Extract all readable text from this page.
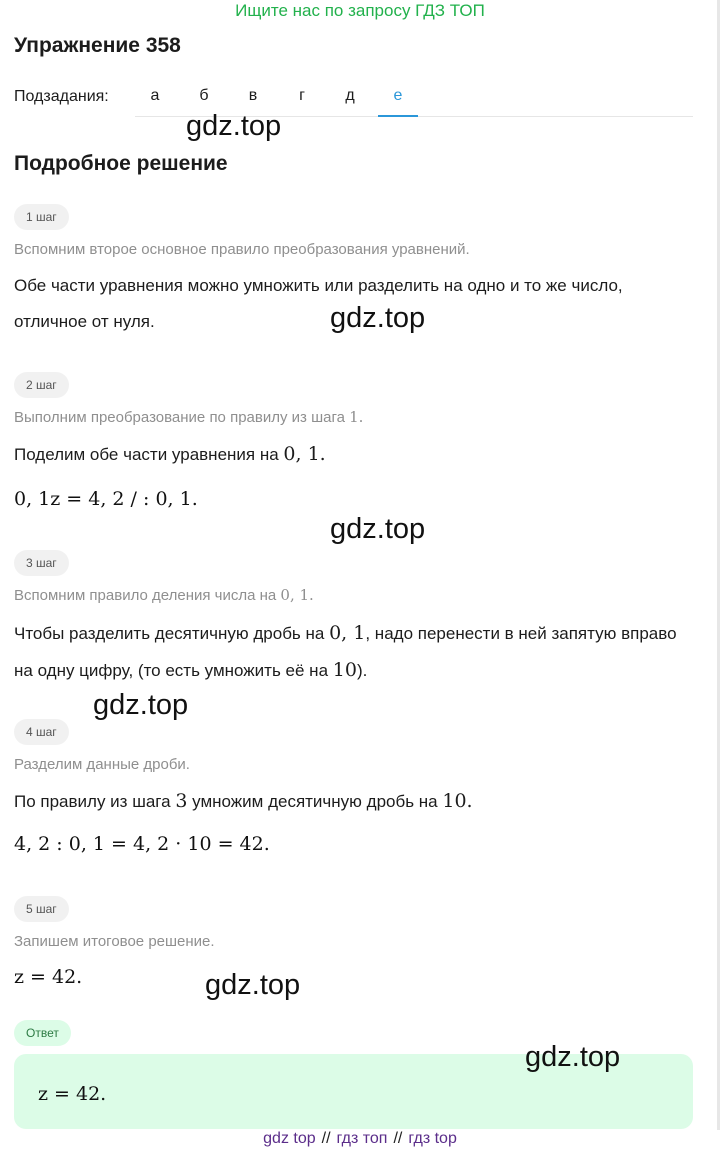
Ищите нас по запросу ГДЗ ТОП
Упражнение 358
Подзадания:	а	б	в	г	д	е
gdz.top
Подробное решение
1 шаг
Вспомним второе основное правило преобразования уравнений.
Обе части уравнения можно умножить или разделить на одно и то же число, отличное от нуля.	gdz.top
2 шаг
Выполним преобразование по правилу из шага 1.
Поделим обе части уравнения на 0, 1.
0, 1z = 4, 2 / : 0, 1.
gdz.top
3 шаг
Вспомним правило деления числа на 0, 1.
Чтобы разделить десятичную дробь на 0, 1, надо перенести в ней запятую вправо на одну цифру, (то есть умножить её на 10).
gdz.top
4 шаг
Разделим данные дроби.
По правилу из шага 3 умножим десятичную дробь на 10.
4, 2 : 0, 1 = 4, 2 · 10 = 42.
5 шаг
Запишем итоговое решение.
z = 42.	gdz.top
Ответ
z = 42.
gdz.top
gdz top // гдз топ // гдз top
